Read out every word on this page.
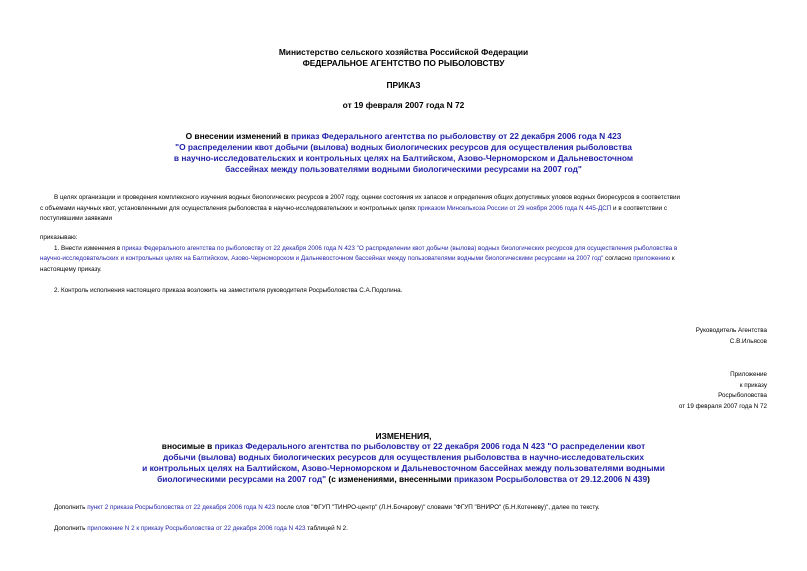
Министерство сельского хозяйства Российской Федерации
ФЕДЕРАЛЬНОЕ АГЕНТСТВО ПО РЫБОЛОВСТВУ
ПРИКАЗ
от 19 февраля 2007 года N 72
О внесении изменений в приказ Федерального агентства по рыболовству от 22 декабря 2006 года N 423
"О распределении квот добычи (вылова) водных биологических ресурсов для осуществления рыболовства
в научно-исследовательских и контрольных целях на Балтийском, Азово-Черноморском и Дальневосточном
бассейнах между пользователями водными биологическими ресурсами на 2007 год"
В целях организации и проведения комплексного изучения водных биологических ресурсов в 2007 году, оценки состояния их запасов и определения общих допустимых уловов водных биоресурсов в соответствии
с объемами научных квот, установленными для осуществления рыболовства в научно-исследовательских и контрольных целях приказом Минсельхоза России от 29 ноября 2006 года N 445-ДСП и в соответствии с
поступившими заявками
приказываю:
1. Внести изменения в приказ Федерального агентства по рыболовству от 22 декабря 2006 года N 423 "О распределении квот добычи (вылова) водных биологических ресурсов для осуществления рыболовства в
научно-исследовательских и контрольных целях на Балтийском, Азово-Черноморском и Дальневосточном бассейнах между пользователями водными биологическими ресурсами на 2007 год" согласно приложению к
настоящему приказу.
2. Контроль исполнения настоящего приказа возложить на заместителя руководителя Росрыболовства С.А.Подолина.
Руководитель Агентства
С.В.Ильясов
Приложение
к приказу
Росрыболовства
от 19 февраля 2007 года N 72
ИЗМЕНЕНИЯ,
вносимые в приказ Федерального агентства по рыболовству от 22 декабря 2006 года N 423 "О распределении квот
добычи (вылова) водных биологических ресурсов для осуществления рыболовства в научно-исследовательских
и контрольных целях на Балтийском, Азово-Черноморском и Дальневосточном бассейнах между пользователями водными
биологическими ресурсами на 2007 год" (с изменениями, внесенными приказом Росрыболовства от 29.12.2006 N 439)
Дополнить пункт 2 приказа Росрыболовства от 22 декабря 2006 года N 423 после слов "ФГУП "ТИНРО-центр" (Л.Н.Бочарову)" словами "ФГУП "ВНИРО" (Б.Н.Котеневу)", далее по тексту.
Дополнить приложение N 2 к приказу Росрыболовства от 22 декабря 2006 года N 423 таблицей N 2.
